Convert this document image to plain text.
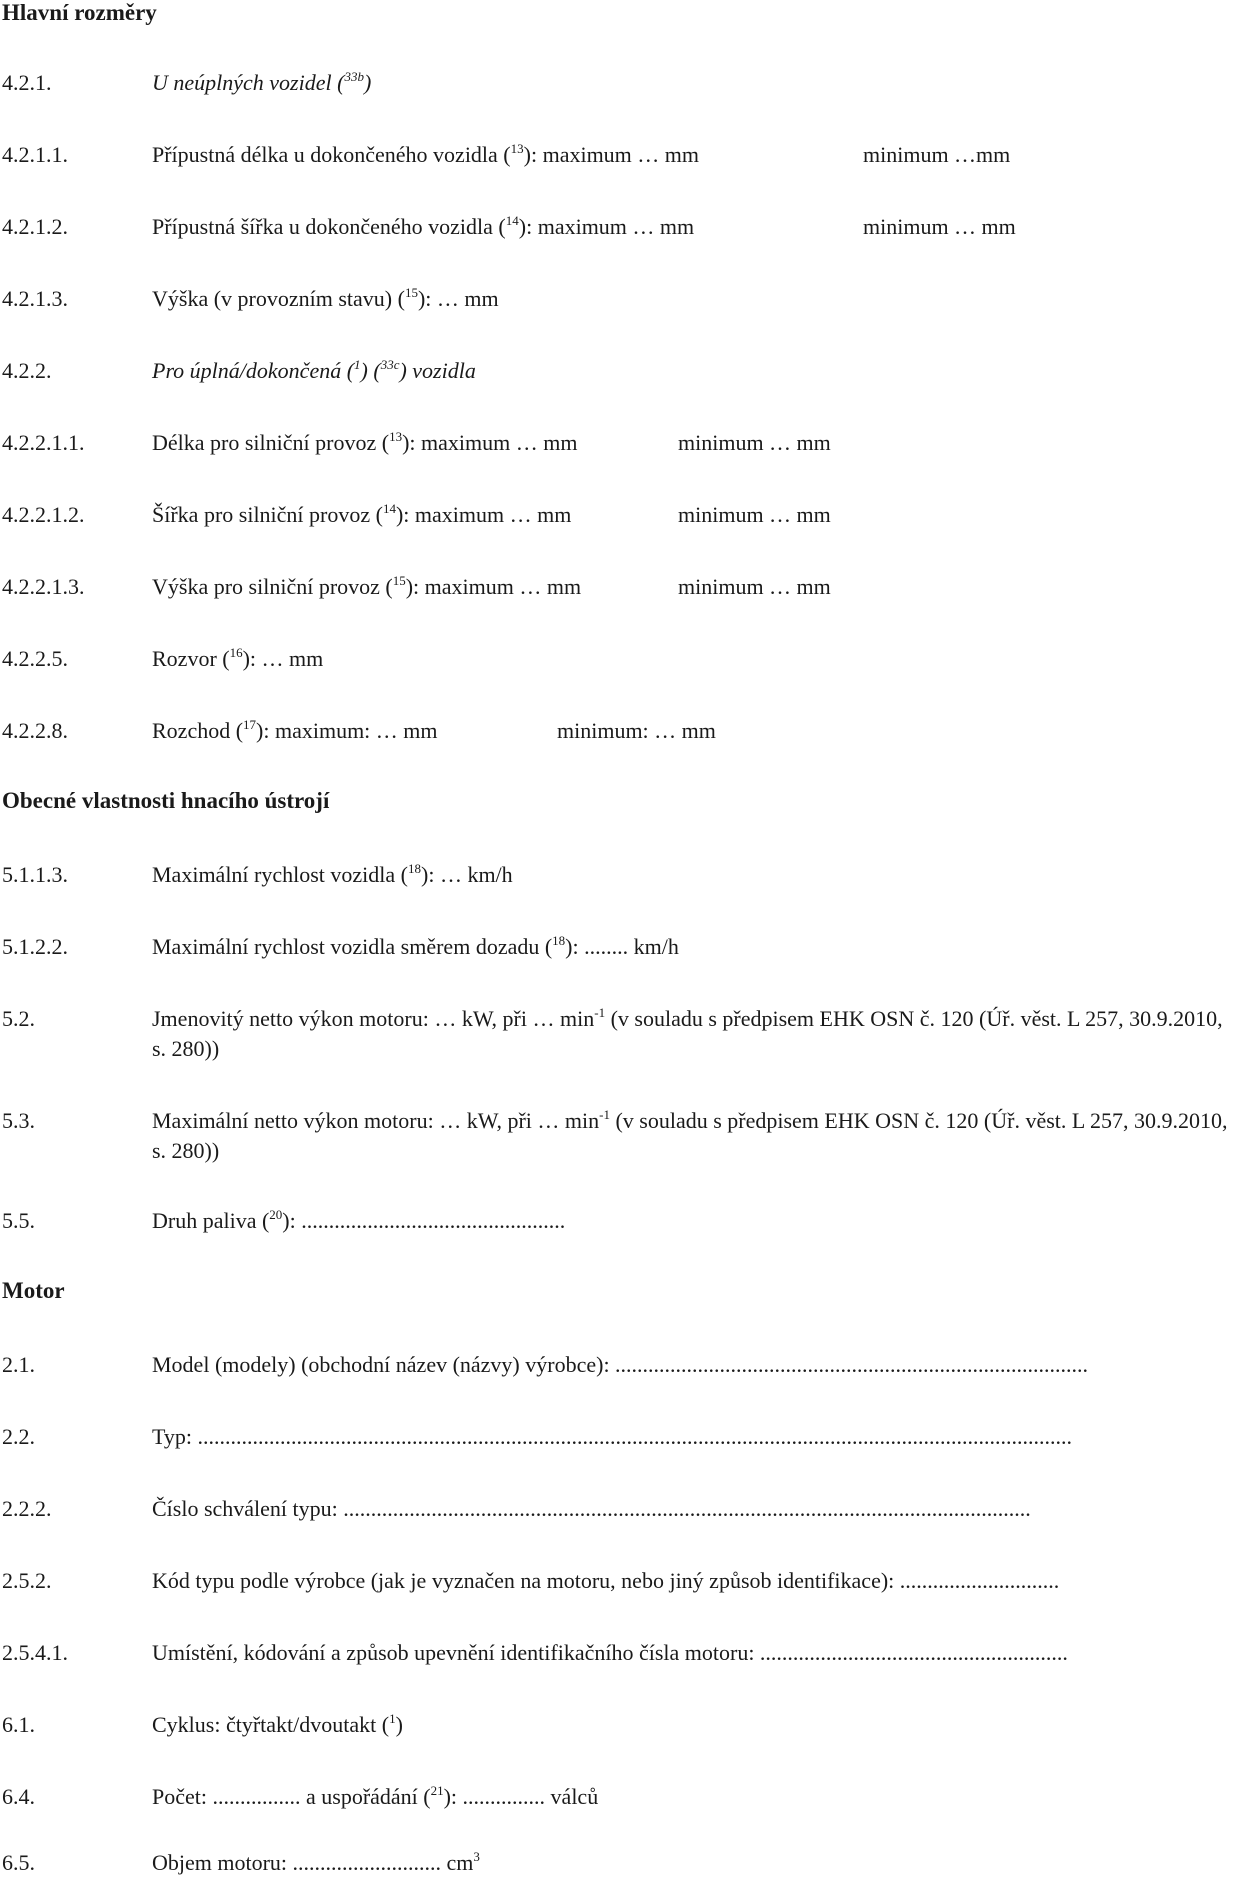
Hlavní rozměry
4.2.1.	U neúplných vozidel ($^{33b}$)
4.2.1.1.	Přípustná délka u dokončeného vozidla ($^{13}$): maximum … mm	minimum …mm
4.2.1.2.	Přípustná šířka u dokončeného vozidla ($^{14}$): maximum … mm	minimum … mm
4.2.1.3.	Výška (v provozním stavu) ($^{15}$): … mm
4.2.2.	Pro úplná/dokončená ($^1$) ($^{33c}$) vozidla
4.2.2.1.1.	Délka pro silniční provoz ($^{13}$): maximum … mm	minimum … mm
4.2.2.1.2.	Šířka pro silniční provoz ($^{14}$): maximum … mm	minimum … mm
4.2.2.1.3.	Výška pro silniční provoz ($^{15}$): maximum … mm	minimum … mm
4.2.2.5.	Rozvor ($^{16}$): … mm
4.2.2.8.	Rozchod ($^{17}$): maximum: … mm	minimum: … mm
Obecné vlastnosti hnacího ústrojí
5.1.1.3.	Maximální rychlost vozidla ($^{18}$): … km/h
5.1.2.2.	Maximální rychlost vozidla směrem dozadu ($^{18}$): ........ km/h
5.2.	Jmenovitý netto výkon motoru: … kW, při … $\min^{-1} (v$ souladu s předpisem EHK OSN č. 120 (Úř. věst. L 257, 30.9.2010, s. 280))
5.3.	Maximální netto výkon motoru: … kW, při … $\min^{-1} (v$ souladu s předpisem EHK OSN č. 120 (Úř. věst. L 257, 30.9.2010, s. 280))
5.5.	Druh paliva ($^{20}$): ................................................
Motor
2.1.	Model (modely) (obchodní název (názvy) výrobce): ......................................................................................
2.2.	Typ: ...............................................................................................................................................................
2.2.2.	Číslo schválení typu: .............................................................................................................................
2.5.2.	Kód typu podle výrobce (jak je vyznačen na motoru, nebo jiný způsob identifikace): .............................
2.5.4.1.	Umístění, kódování a způsob upevnění identifikačního čísla motoru: ........................................................
6.1.	Cyklus: čtyřtakt/dvoutakt ($^1$)
6.4.	Počet: ................ a uspořádání ($^{21}$): ............... válců
6.5.	Objem motoru: ........................... $cm^3$
